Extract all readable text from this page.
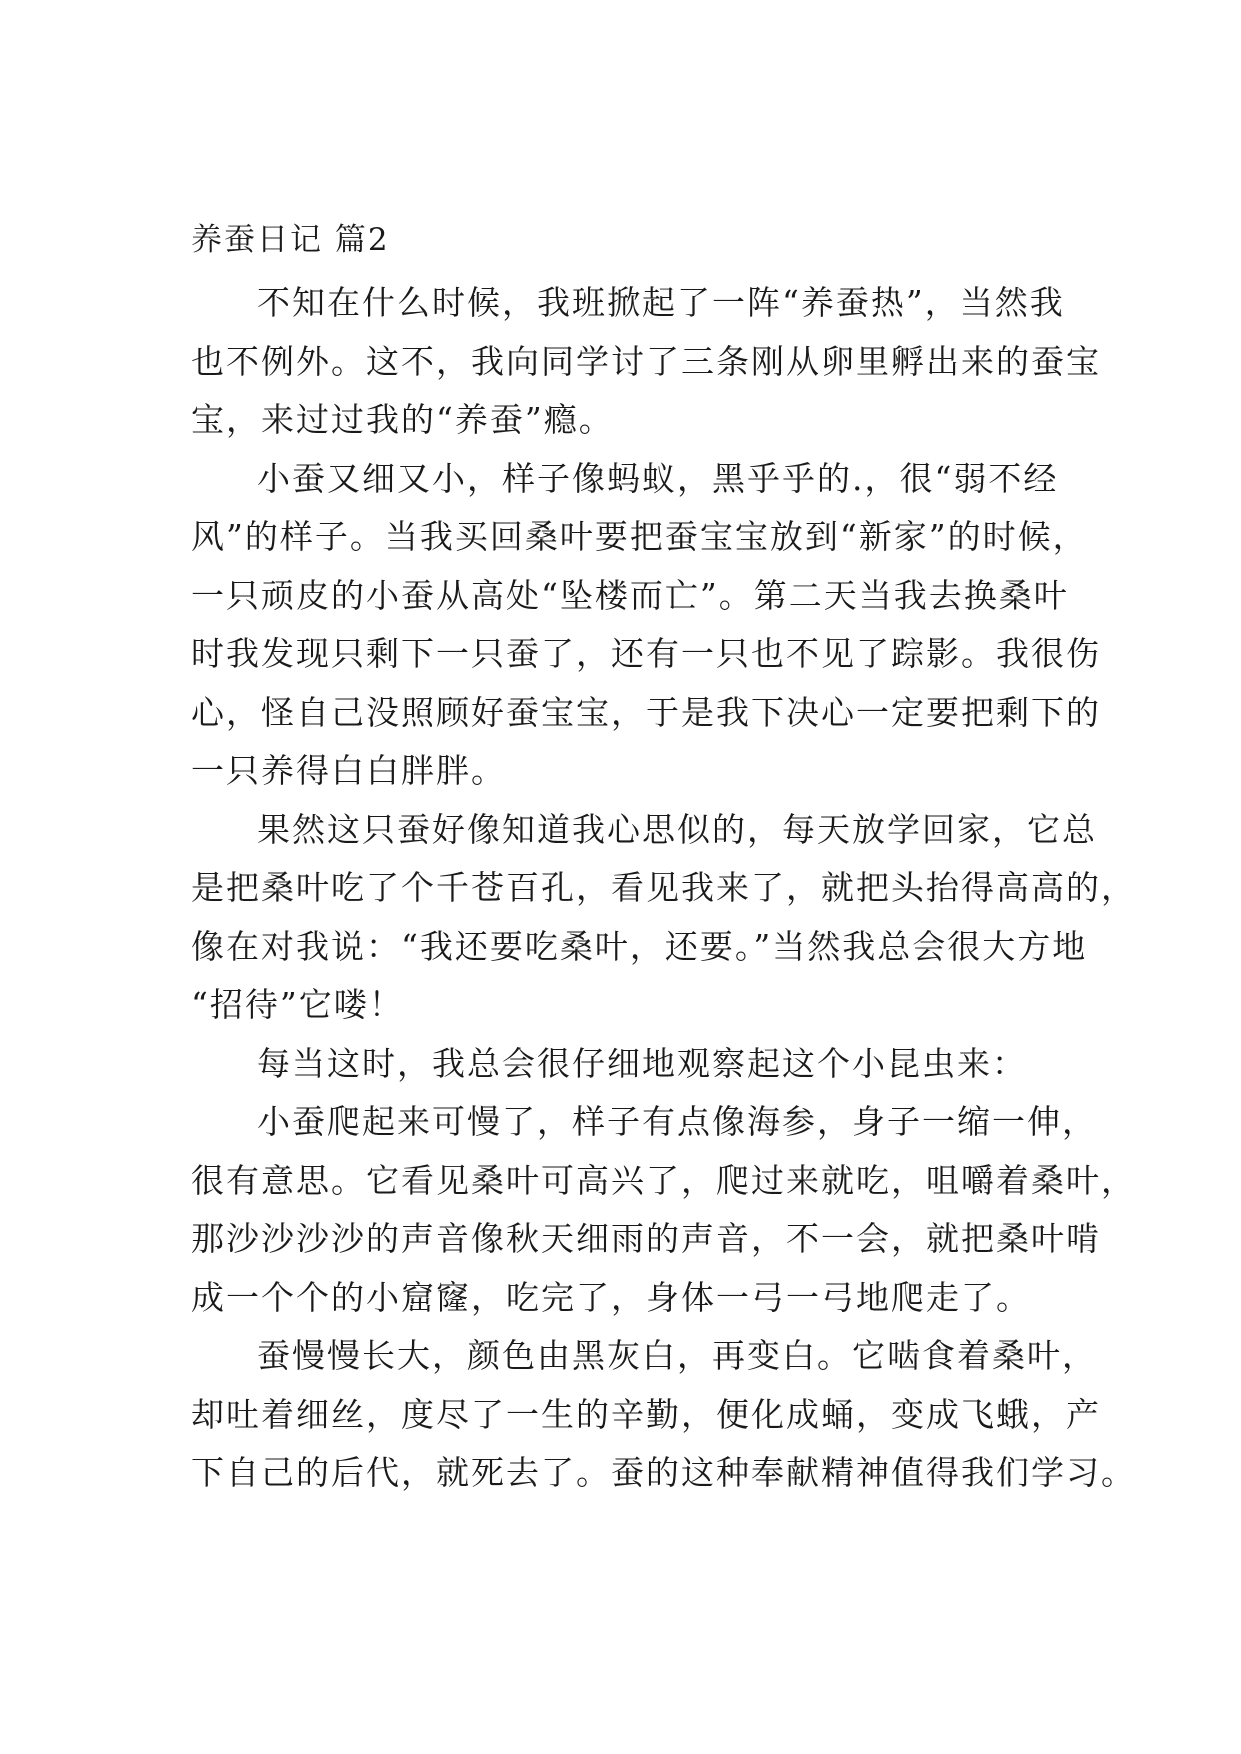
养蚕日记 篇2
不知在什么时候，我班掀起了一阵“养蚕热”，当然我
也不例外。这不，我向同学讨了三条刚从卵里孵出来的蚕宝
宝，来过过我的“养蚕”瘾。
小蚕又细又小，样子像蚂蚁，黑乎乎的.，很“弱不经
风”的样子。当我买回桑叶要把蚕宝宝放到“新家”的时候，
一只顽皮的小蚕从高处“坠楼而亡”。第二天当我去换桑叶
时我发现只剩下一只蚕了，还有一只也不见了踪影。我很伤
心，怪自己没照顾好蚕宝宝，于是我下决心一定要把剩下的
一只养得白白胖胖。
果然这只蚕好像知道我心思似的，每天放学回家，它总
是把桑叶吃了个千苍百孔，看见我来了，就把头抬得高高的，
像在对我说：“我还要吃桑叶，还要。”当然我总会很大方地
“招待”它喽！
每当这时，我总会很仔细地观察起这个小昆虫来：
小蚕爬起来可慢了，样子有点像海参，身子一缩一伸，
很有意思。它看见桑叶可高兴了，爬过来就吃，咀嚼着桑叶，
那沙沙沙沙的声音像秋天细雨的声音，不一会，就把桑叶啃
成一个个的小窟窿，吃完了，身体一弓一弓地爬走了。
蚕慢慢长大，颜色由黑灰白，再变白。它啮食着桑叶，
却吐着细丝，度尽了一生的辛勤，便化成蛹，变成飞蛾，产
下自己的后代，就死去了。蚕的这种奉献精神值得我们学习。
